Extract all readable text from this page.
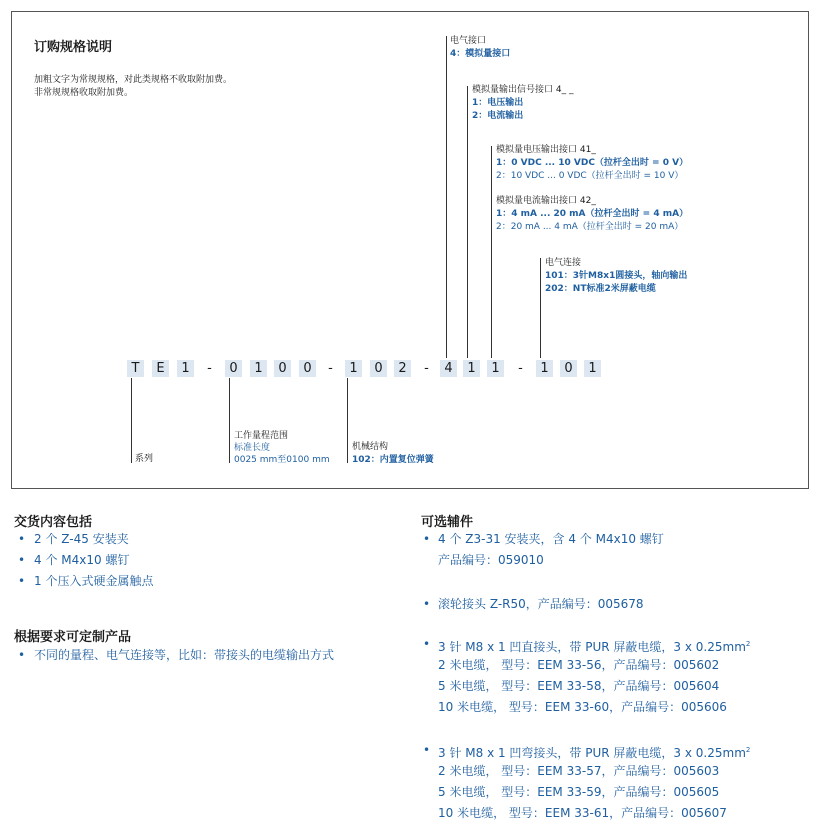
订购规格说明
加粗文字为常规规格，对此类规格不收取附加费。
非常规规格收取附加费。
电气接口
4：模拟量接口
模拟量输出信号接口 4_ _
1：电压输出
2：电流输出
模拟量电压输出接口 41_
1：0 VDC ... 10 VDC（拉杆全出时 = 0 V）
2：10 VDC ... 0 VDC（拉杆全出时 = 10 V）
模拟量电流输出接口 42_
1：4 mA ... 20 mA（拉杆全出时 = 4 mA）
2：20 mA ... 4 mA（拉杆全出时 = 20 mA）
电气连接
101：3针M8x1圆接头，轴向输出
202：NT标准2米屏蔽电缆
T	E	1	-	0	1	0	0	-	1	0	2	-	4	1	1	-	1	0	1
系列
工作量程范围
标准长度
0025 mm至0100 mm
机械结构
102：内置复位弹簧
交货内容包括
• 2 个 Z-45 安装夹
• 4 个 M4x10 螺钉
• 1 个压入式硬金属触点
根据要求可定制产品
• 不同的量程、电气连接等，比如：带接头的电缆输出方式
可选辅件
• 4 个 Z3-31 安装夹，含 4 个 M4x10 螺钉
产品编号：059010
• 滚轮接头 Z-R50，产品编号：005678
• 3 针 M8 x 1 凹直接头，带 PUR 屏蔽电缆，3 x $0.25mm^2$
2 米电缆， 型号：EEM 33-56，产品编号：005602
5 米电缆， 型号：EEM 33-58，产品编号：005604
10 米电缆， 型号：EEM 33-60，产品编号：005606
• 3 针 M8 x 1 凹弯接头，带 PUR 屏蔽电缆，3 x $0.25mm^2$
2 米电缆， 型号：EEM 33-57，产品编号：005603
5 米电缆， 型号：EEM 33-59，产品编号：005605
10 米电缆， 型号：EEM 33-61，产品编号：005607
